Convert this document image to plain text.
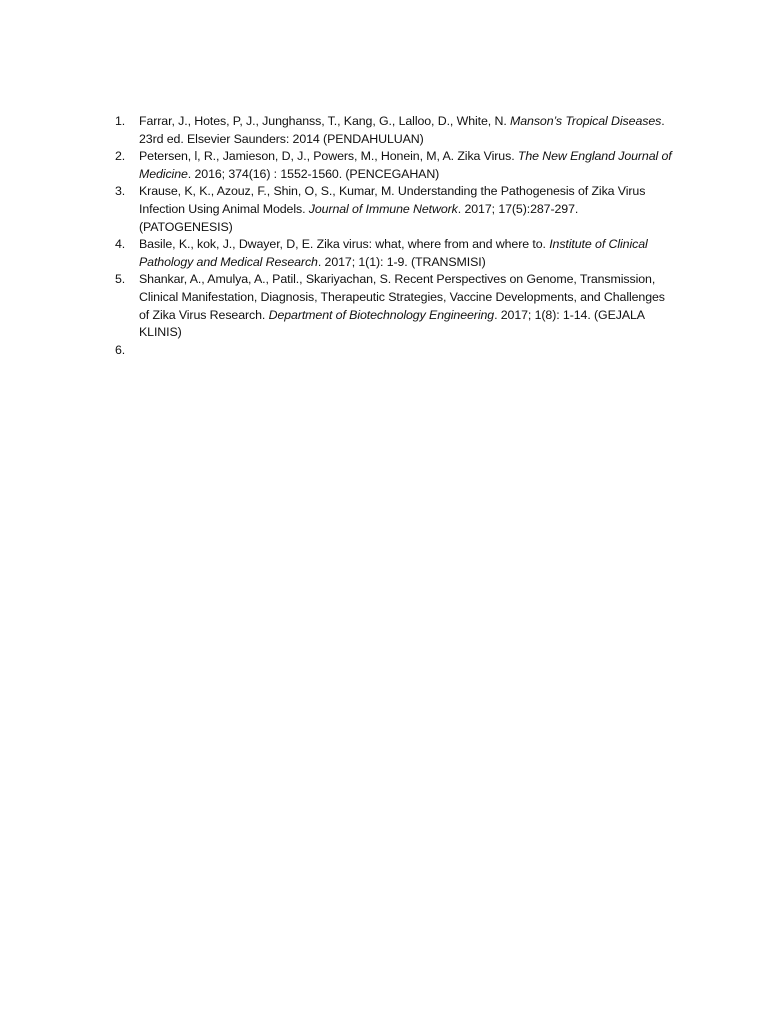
1.	Farrar, J., Hotes, P, J., Junghanss, T., Kang, G., Lalloo, D., White, N. Manson’s Tropical Diseases. 23rd ed. Elsevier Saunders: 2014 (PENDAHULUAN)
2.	Petersen, l, R., Jamieson, D, J., Powers, M., Honein, M, A. Zika Virus. The New England Journal of Medicine. 2016; 374(16) : 1552-1560. (PENCEGAHAN)
3.	Krause, K, K., Azouz, F., Shin, O, S., Kumar, M. Understanding the Pathogenesis of Zika Virus Infection Using Animal Models. Journal of Immune Network. 2017; 17(5):287-297. (PATOGENESIS)
4.	Basile, K., kok, J., Dwayer, D, E. Zika virus: what, where from and where to. Institute of Clinical Pathology and Medical Research. 2017; 1(1): 1-9. (TRANSMISI)
5.	Shankar, A., Amulya, A., Patil., Skariyachan, S. Recent Perspectives on Genome, Transmission, Clinical Manifestation, Diagnosis, Therapeutic Strategies, Vaccine Developments, and Challenges of Zika Virus Research. Department of Biotechnology Engineering. 2017; 1(8): 1-14. (GEJALA KLINIS)
6.
